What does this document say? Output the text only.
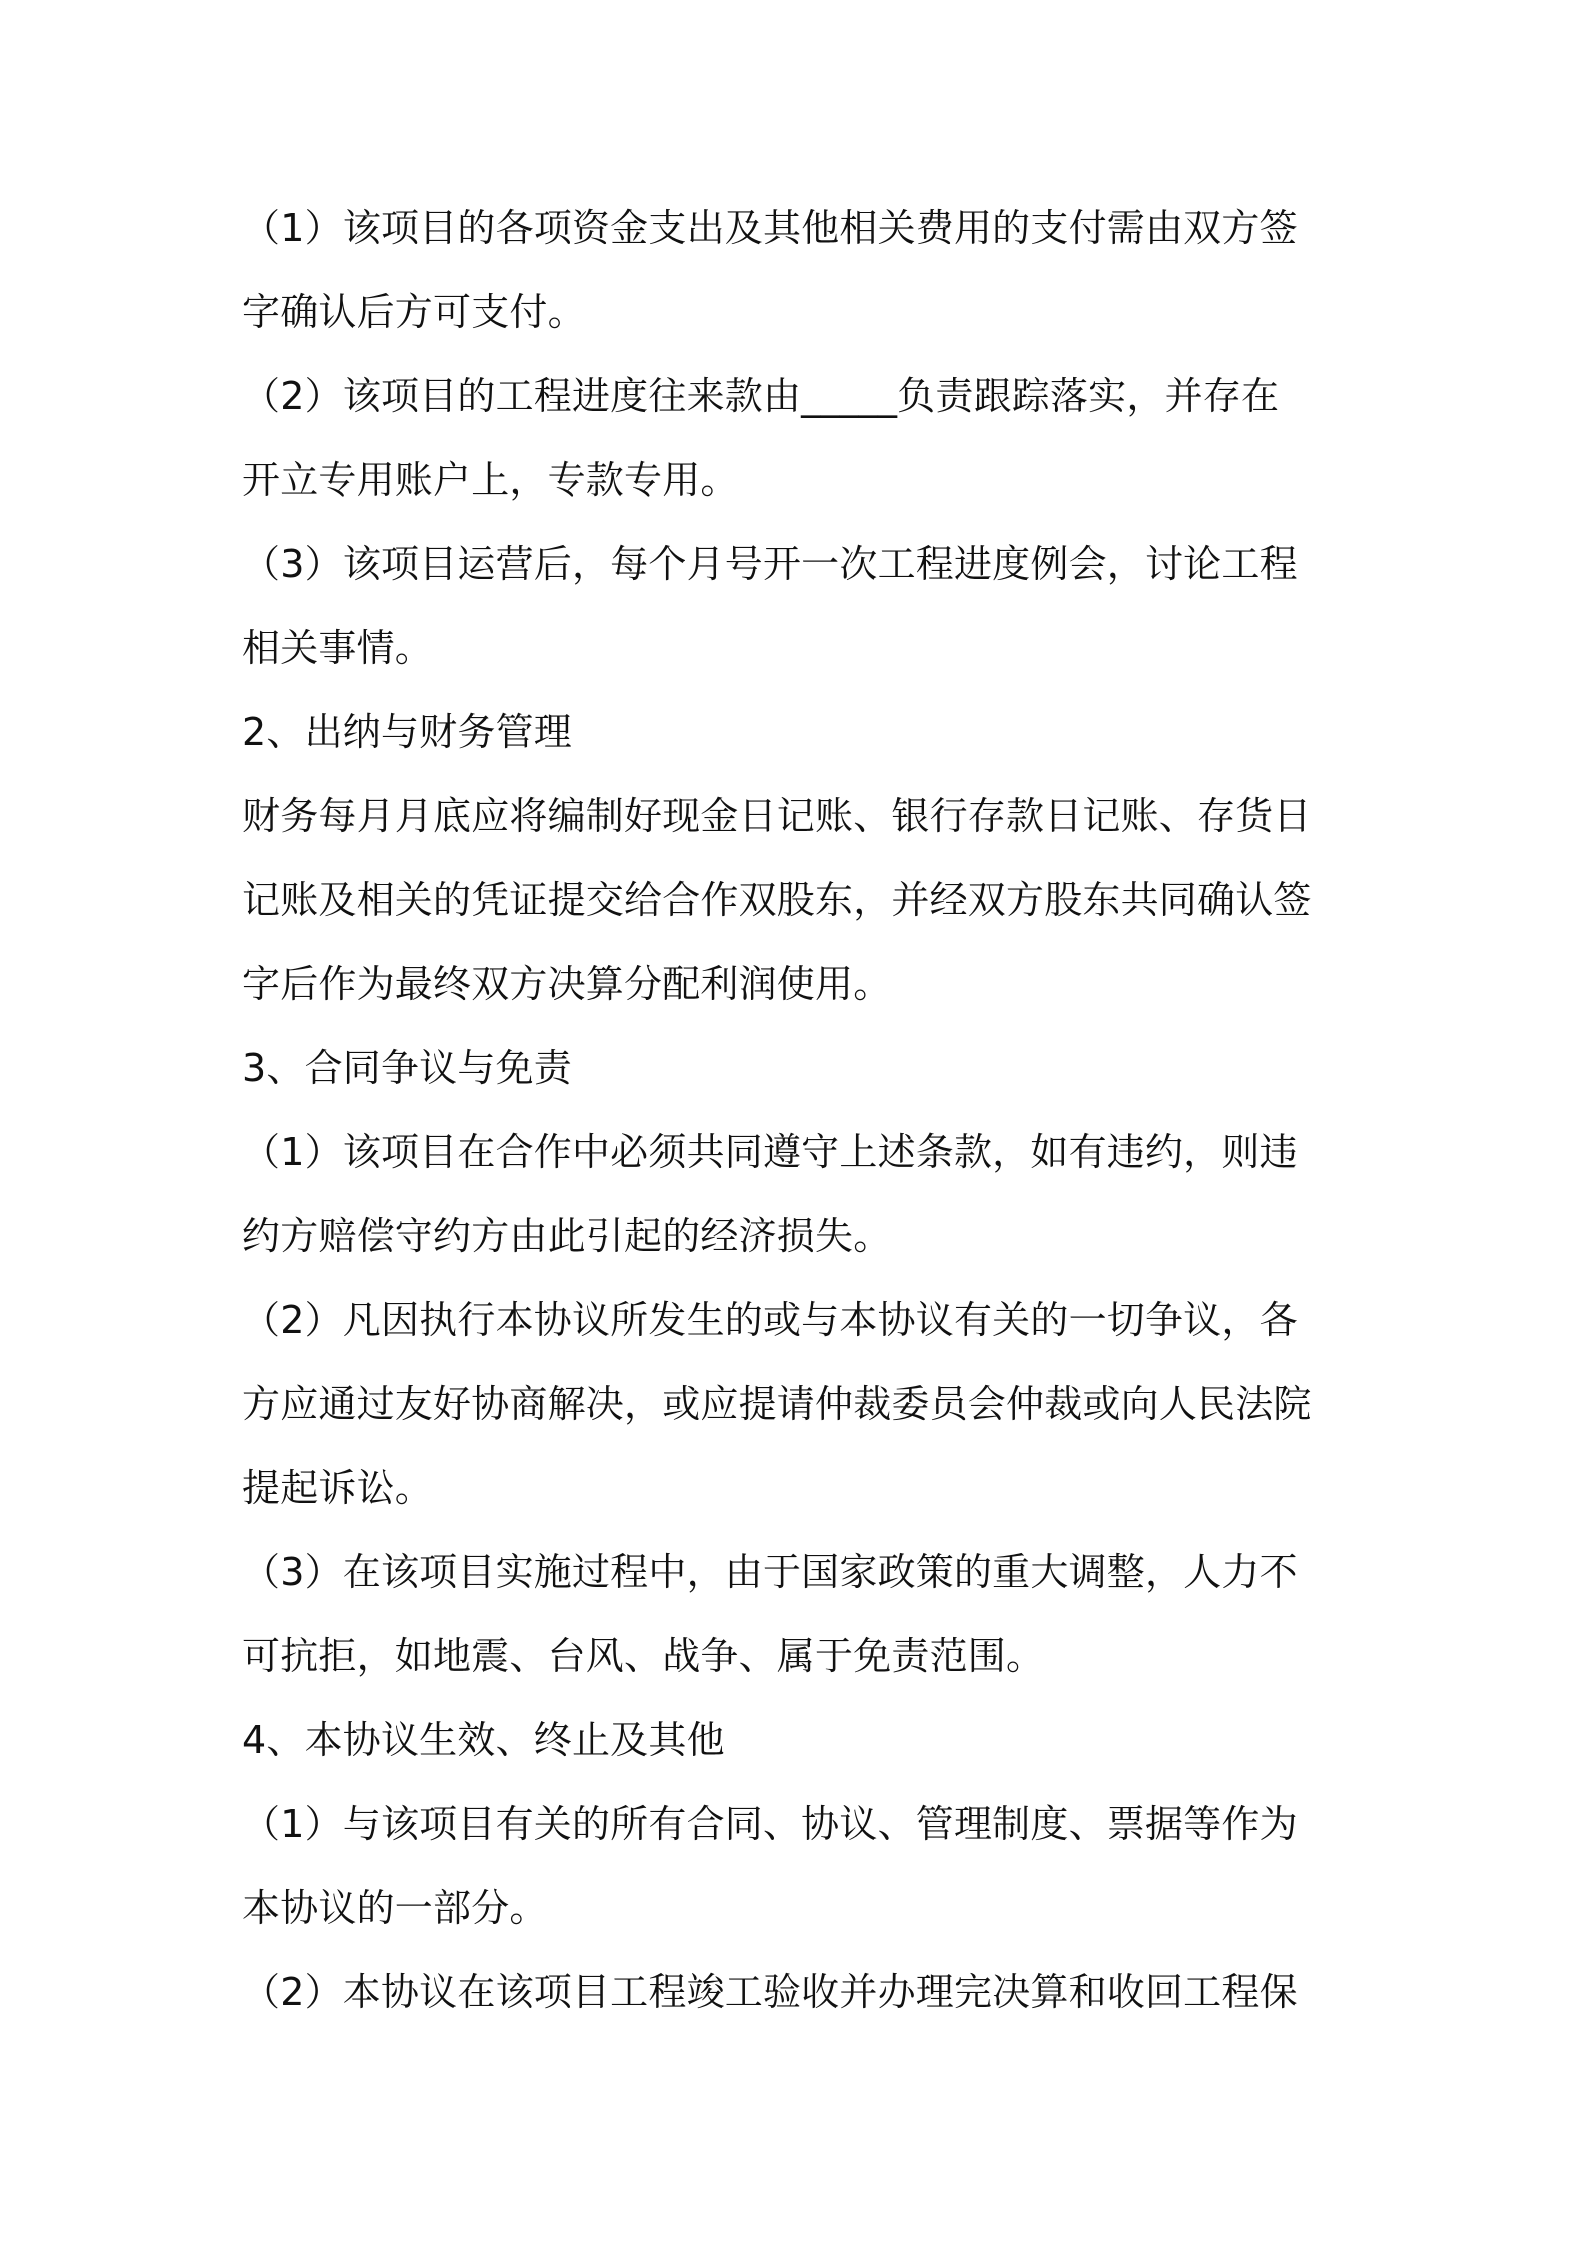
（1）该项目的各项资金支出及其他相关费用的支付需由双方签
字确认后方可支付。
（2）该项目的工程进度往来款由_____负责跟踪落实，并存在
开立专用账户上，专款专用。
（3）该项目运营后，每个月号开一次工程进度例会，讨论工程
相关事情。
2、出纳与财务管理
财务每月月底应将编制好现金日记账、银行存款日记账、存货日
记账及相关的凭证提交给合作双股东，并经双方股东共同确认签
字后作为最终双方决算分配利润使用。
3、合同争议与免责
（1）该项目在合作中必须共同遵守上述条款，如有违约，则违
约方赔偿守约方由此引起的经济损失。
（2）凡因执行本协议所发生的或与本协议有关的一切争议，各
方应通过友好协商解决，或应提请仲裁委员会仲裁或向人民法院
提起诉讼。
（3）在该项目实施过程中，由于国家政策的重大调整，人力不
可抗拒，如地震、台风、战争、属于免责范围。
4、本协议生效、终止及其他
（1）与该项目有关的所有合同、协议、管理制度、票据等作为
本协议的一部分。
（2）本协议在该项目工程竣工验收并办理完决算和收回工程保
